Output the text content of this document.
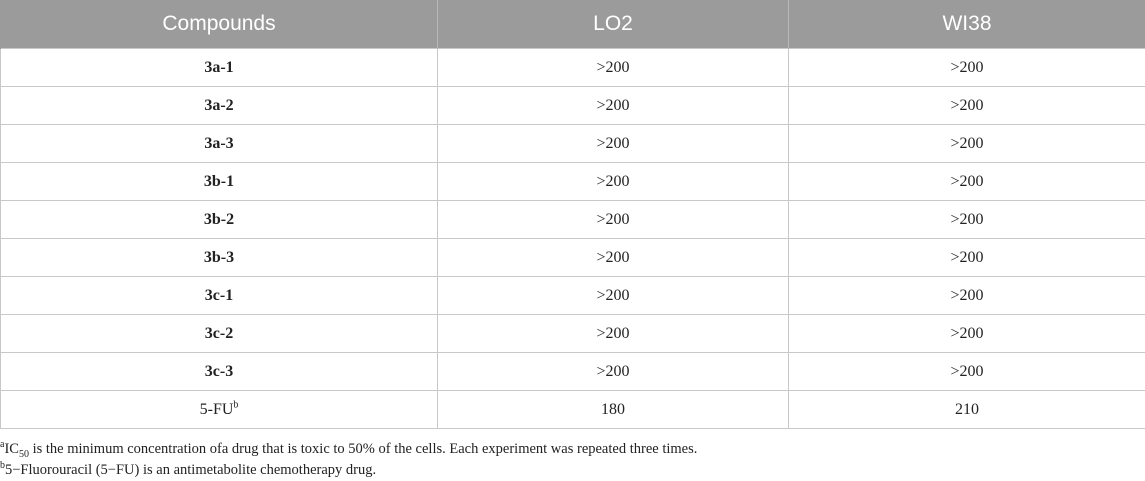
Compounds	LO2	WI38
3a-1	>200	>200
3a-2	>200	>200
3a-3	>200	>200
3b-1	>200	>200
3b-2	>200	>200
3b-3	>200	>200
3c-1	>200	>200
3c-2	>200	>200
3c-3	>200	>200
$5-FU^b$	180	210
$^aIC_{50}$ is the minimum concentration ofa drug that is toxic to 50% of the cells. Each experiment was repeated three times.
$^b$5−Fluorouracil (5−FU) is an antimetabolite chemotherapy drug.
